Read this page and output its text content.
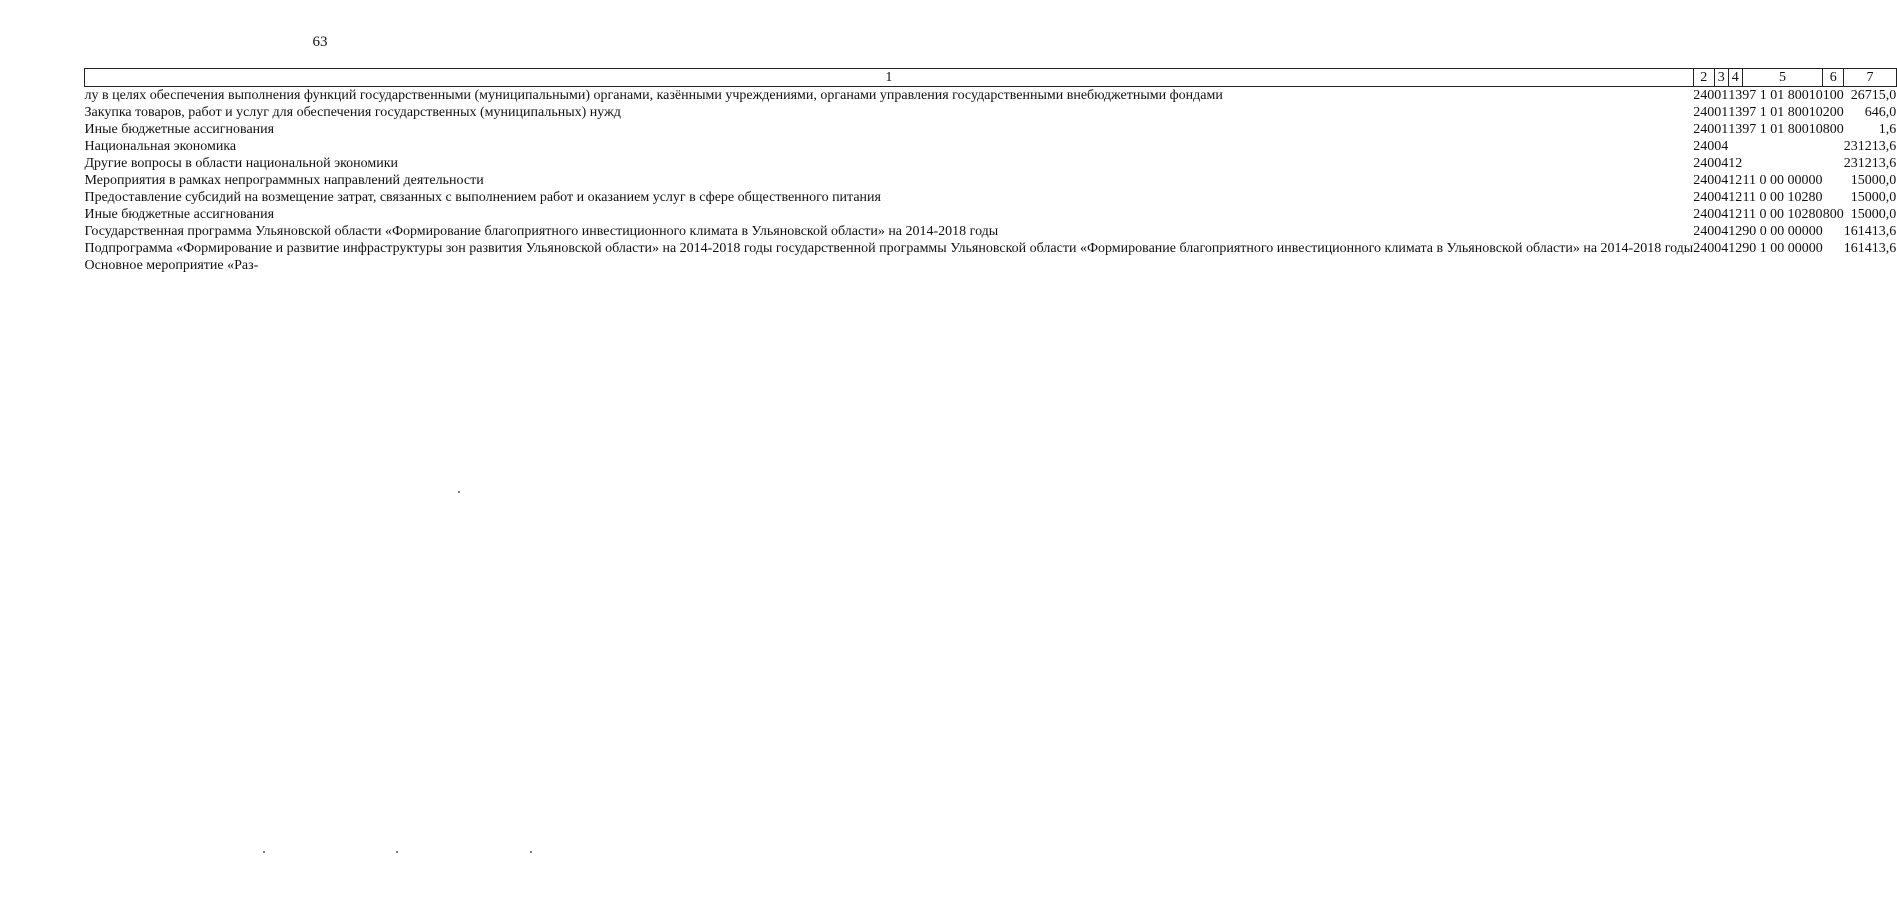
63
1	2	3	4	5	6	7
лу в целях обеспечения выполнения функций государственными (муниципальными) органами, казёнными учреждениями, органами управления государственными внебюджетными фондами	240	01	13	97 1 01 80010	100	26715,0
Закупка товаров, работ и услуг для обеспечения государственных (муниципальных) нужд	240	01	13	97 1 01 80010	200	646,0
Иные бюджетные ассигнования	240	01	13	97 1 01 80010	800	1,6
Национальная экономика	240	04				231213,6
Другие вопросы в области национальной экономики	240	04	12			231213,6
Мероприятия в рамках непрограммных направлений деятельности	240	04	12	11 0 00 00000		15000,0
Предоставление субсидий на возмещение затрат, связанных с выполнением работ и оказанием услуг в сфере общественного питания	240	04	12	11 0 00 10280		15000,0
Иные бюджетные ассигнования	240	04	12	11 0 00 10280	800	15000,0
Государственная программа Ульяновской области «Формирование благоприятного инвестиционного климата в Ульяновской области» на 2014-2018 годы	240	04	12	90 0 00 00000		161413,6
Подпрограмма «Формирование и развитие инфраструктуры зон развития Ульяновской области» на 2014-2018 годы государственной программы Ульяновской области «Формирование благоприятного инвестиционного климата в Ульяновской области» на 2014-2018 годы	240	04	12	90 1 00 00000		161413,6
Основное мероприятие «Раз-						
